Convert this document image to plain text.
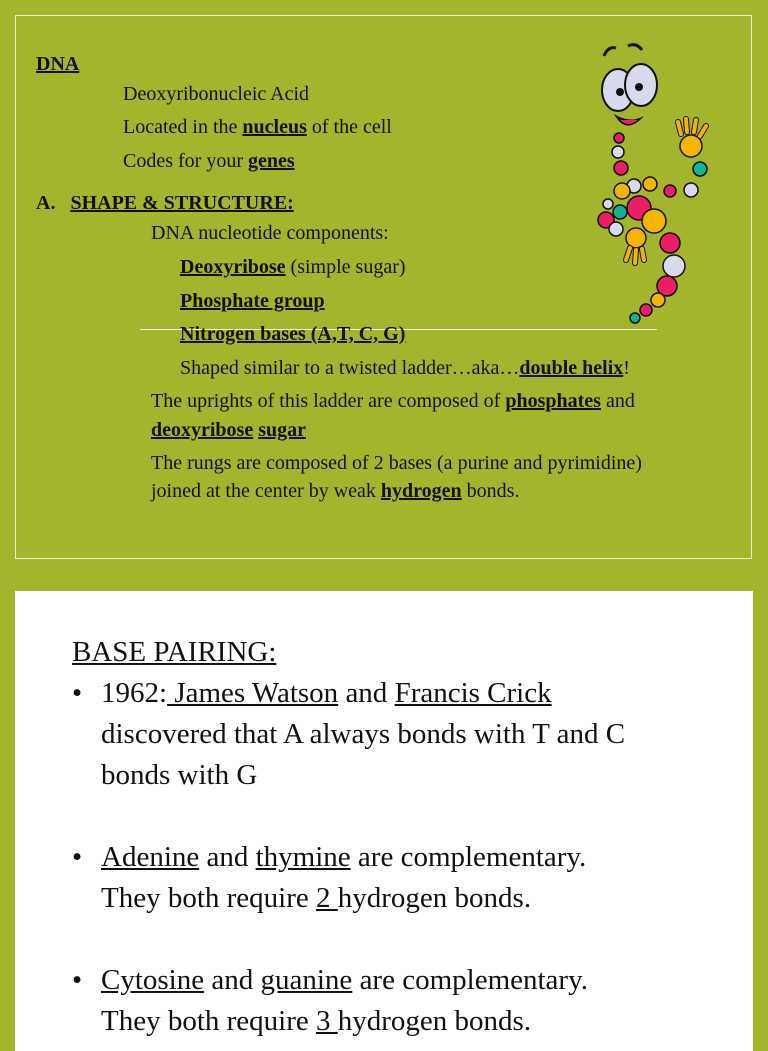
DNA
Deoxyribonucleic Acid
Located in the nucleus of the cell
Codes for your genes
A. SHAPE & STRUCTURE:
DNA nucleotide components:
Deoxyribose (simple sugar)
Phosphate group
Nitrogen bases (A,T, C, G)
Shaped similar to a twisted ladder…aka…double helix!
The uprights of this ladder are composed of phosphates and
deoxyribose sugar
The rungs are composed of 2 bases (a purine and pyrimidine)
joined at the center by weak hydrogen bonds.
BASE PAIRING:
• 1962: James Watson and Francis Crick
discovered that A always bonds with T and C
bonds with G
• Adenine and thymine are complementary.
They both require 2 hydrogen bonds.
• Cytosine and guanine are complementary.
They both require 3 hydrogen bonds.
